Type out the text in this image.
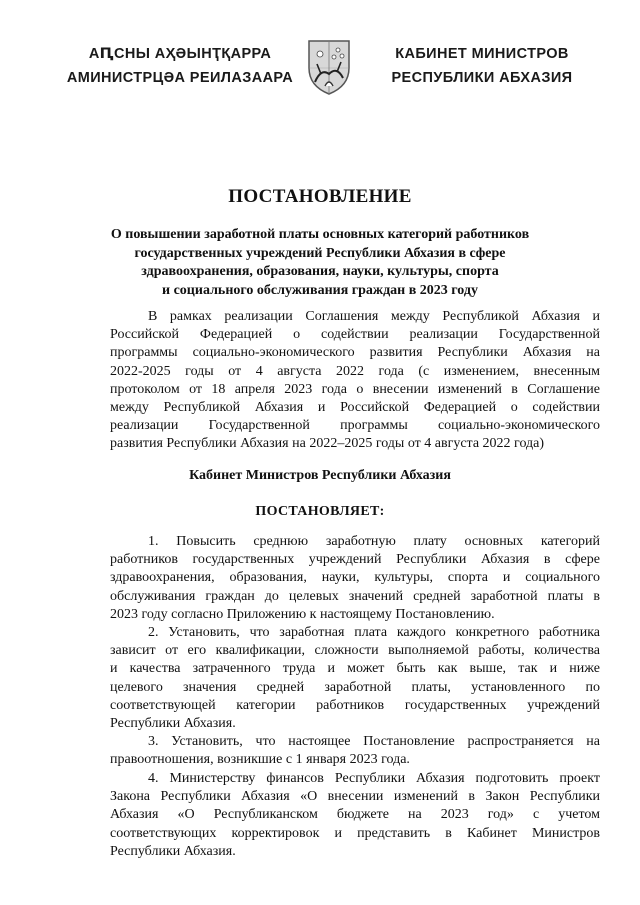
АԤСНЫ АҲӘЫНҬҚАРРА
АМИНИСТРЦӘА РЕИЛАЗААРА
КАБИНЕТ МИНИСТРОВ
РЕСПУБЛИКИ АБХАЗИЯ
ПОСТАНОВЛЕНИЕ
О повышении заработной платы основных категорий работников
государственных учреждений Республики Абхазия в сфере
здравоохранения, образования, науки, культуры, спорта
и социального обслуживания граждан в 2023 году
В рамках реализации Соглашения между Республикой Абхазия и
Российской Федерацией о содействии реализации Государственной
программы социально-экономического развития Республики Абхазия на
2022-2025 годы от 4 августа 2022 года (с изменением, внесенным
протоколом от 18 апреля 2023 года о внесении изменений в Соглашение
между Республикой Абхазия и Российской Федерацией о содействии
реализации Государственной программы социально-экономического
развития Республики Абхазия на 2022–2025 годы от 4 августа 2022 года)
Кабинет Министров Республики Абхазия
ПОСТАНОВЛЯЕТ:
1. Повысить среднюю заработную плату основных категорий
работников государственных учреждений Республики Абхазия в сфере
здравоохранения, образования, науки, культуры, спорта и социального
обслуживания граждан до целевых значений средней заработной платы в
2023 году согласно Приложению к настоящему Постановлению.
2. Установить, что заработная плата каждого конкретного работника
зависит от его квалификации, сложности выполняемой работы, количества
и качества затраченного труда и может быть как выше, так и ниже
целевого значения средней заработной платы, установленного по
соответствующей категории работников государственных учреждений
Республики Абхазия.
3. Установить, что настоящее Постановление распространяется на
правоотношения, возникшие с 1 января 2023 года.
4. Министерству финансов Республики Абхазия подготовить проект
Закона Республики Абхазия «О внесении изменений в Закон Республики
Абхазия «О Республиканском бюджете на 2023 год» с учетом
соответствующих корректировок и представить в Кабинет Министров
Республики Абхазия.
